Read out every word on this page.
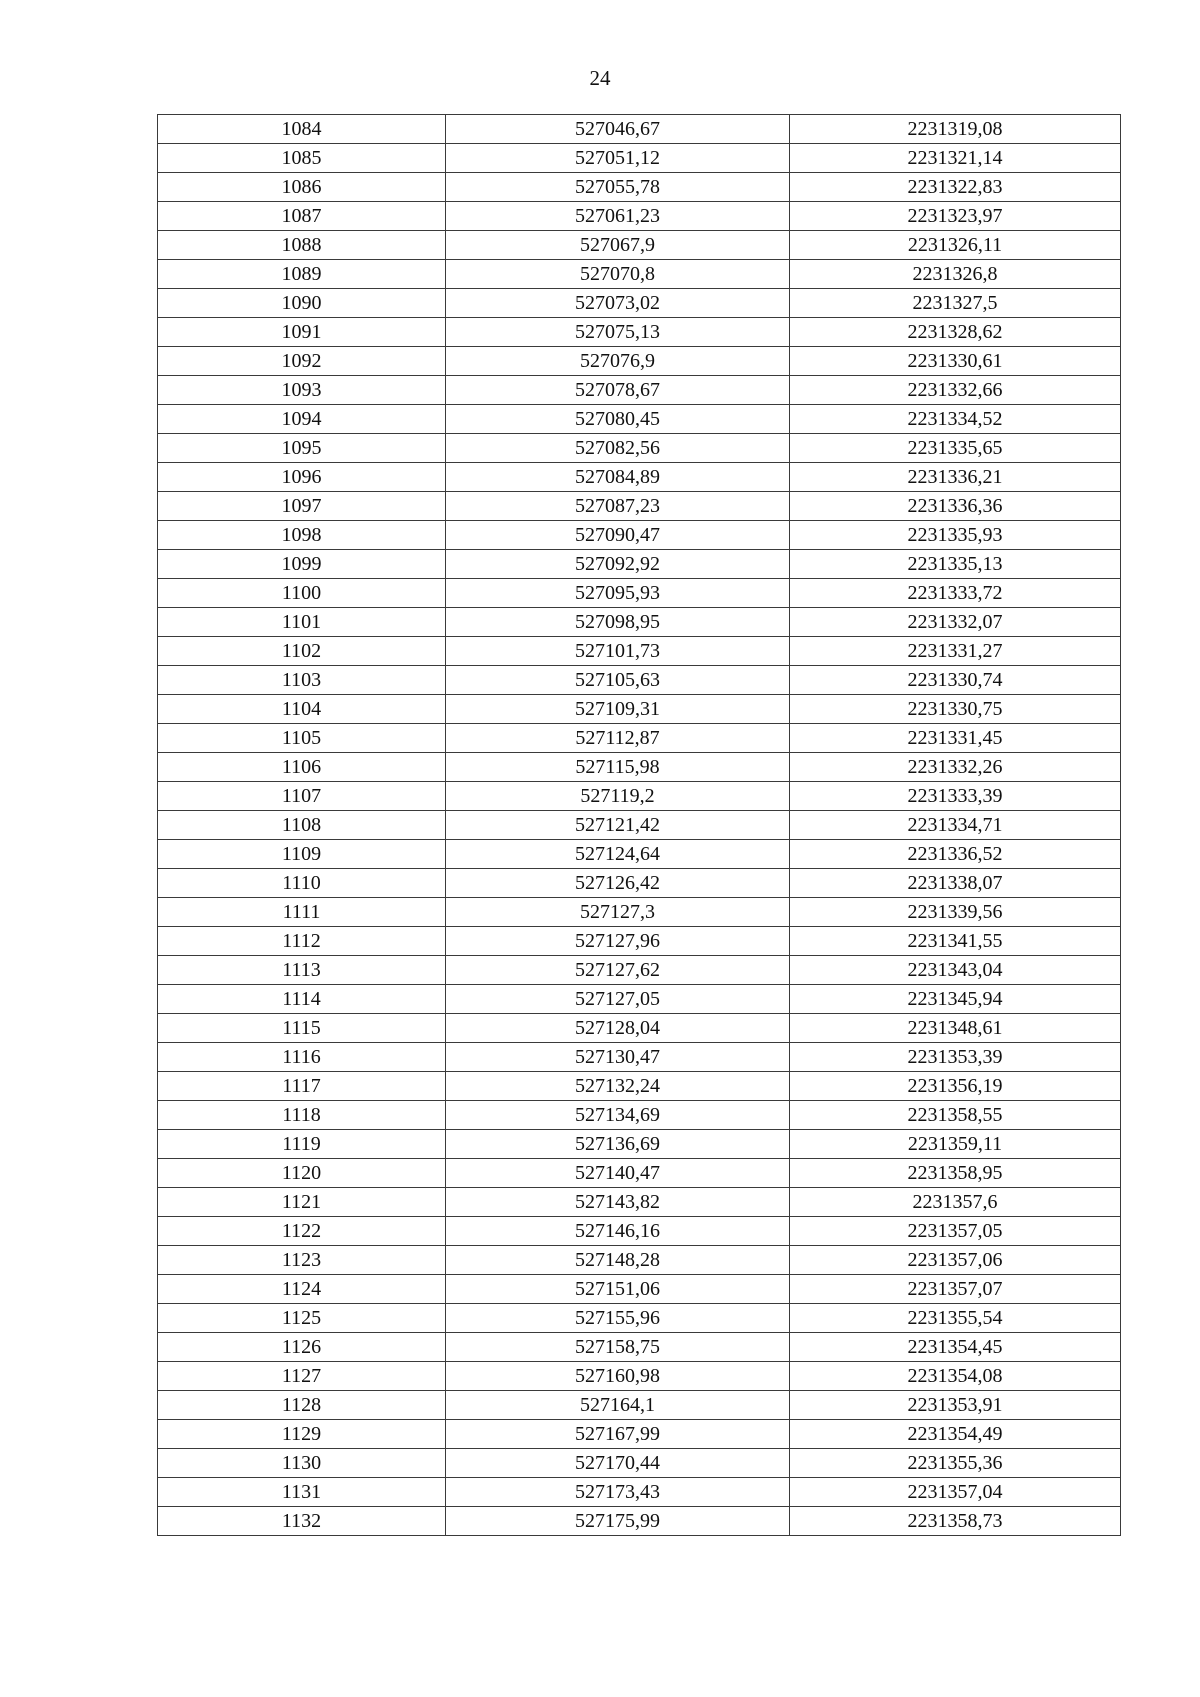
24
1084	527046,67	2231319,08
1085	527051,12	2231321,14
1086	527055,78	2231322,83
1087	527061,23	2231323,97
1088	527067,9	2231326,11
1089	527070,8	2231326,8
1090	527073,02	2231327,5
1091	527075,13	2231328,62
1092	527076,9	2231330,61
1093	527078,67	2231332,66
1094	527080,45	2231334,52
1095	527082,56	2231335,65
1096	527084,89	2231336,21
1097	527087,23	2231336,36
1098	527090,47	2231335,93
1099	527092,92	2231335,13
1100	527095,93	2231333,72
1101	527098,95	2231332,07
1102	527101,73	2231331,27
1103	527105,63	2231330,74
1104	527109,31	2231330,75
1105	527112,87	2231331,45
1106	527115,98	2231332,26
1107	527119,2	2231333,39
1108	527121,42	2231334,71
1109	527124,64	2231336,52
1110	527126,42	2231338,07
1111	527127,3	2231339,56
1112	527127,96	2231341,55
1113	527127,62	2231343,04
1114	527127,05	2231345,94
1115	527128,04	2231348,61
1116	527130,47	2231353,39
1117	527132,24	2231356,19
1118	527134,69	2231358,55
1119	527136,69	2231359,11
1120	527140,47	2231358,95
1121	527143,82	2231357,6
1122	527146,16	2231357,05
1123	527148,28	2231357,06
1124	527151,06	2231357,07
1125	527155,96	2231355,54
1126	527158,75	2231354,45
1127	527160,98	2231354,08
1128	527164,1	2231353,91
1129	527167,99	2231354,49
1130	527170,44	2231355,36
1131	527173,43	2231357,04
1132	527175,99	2231358,73
